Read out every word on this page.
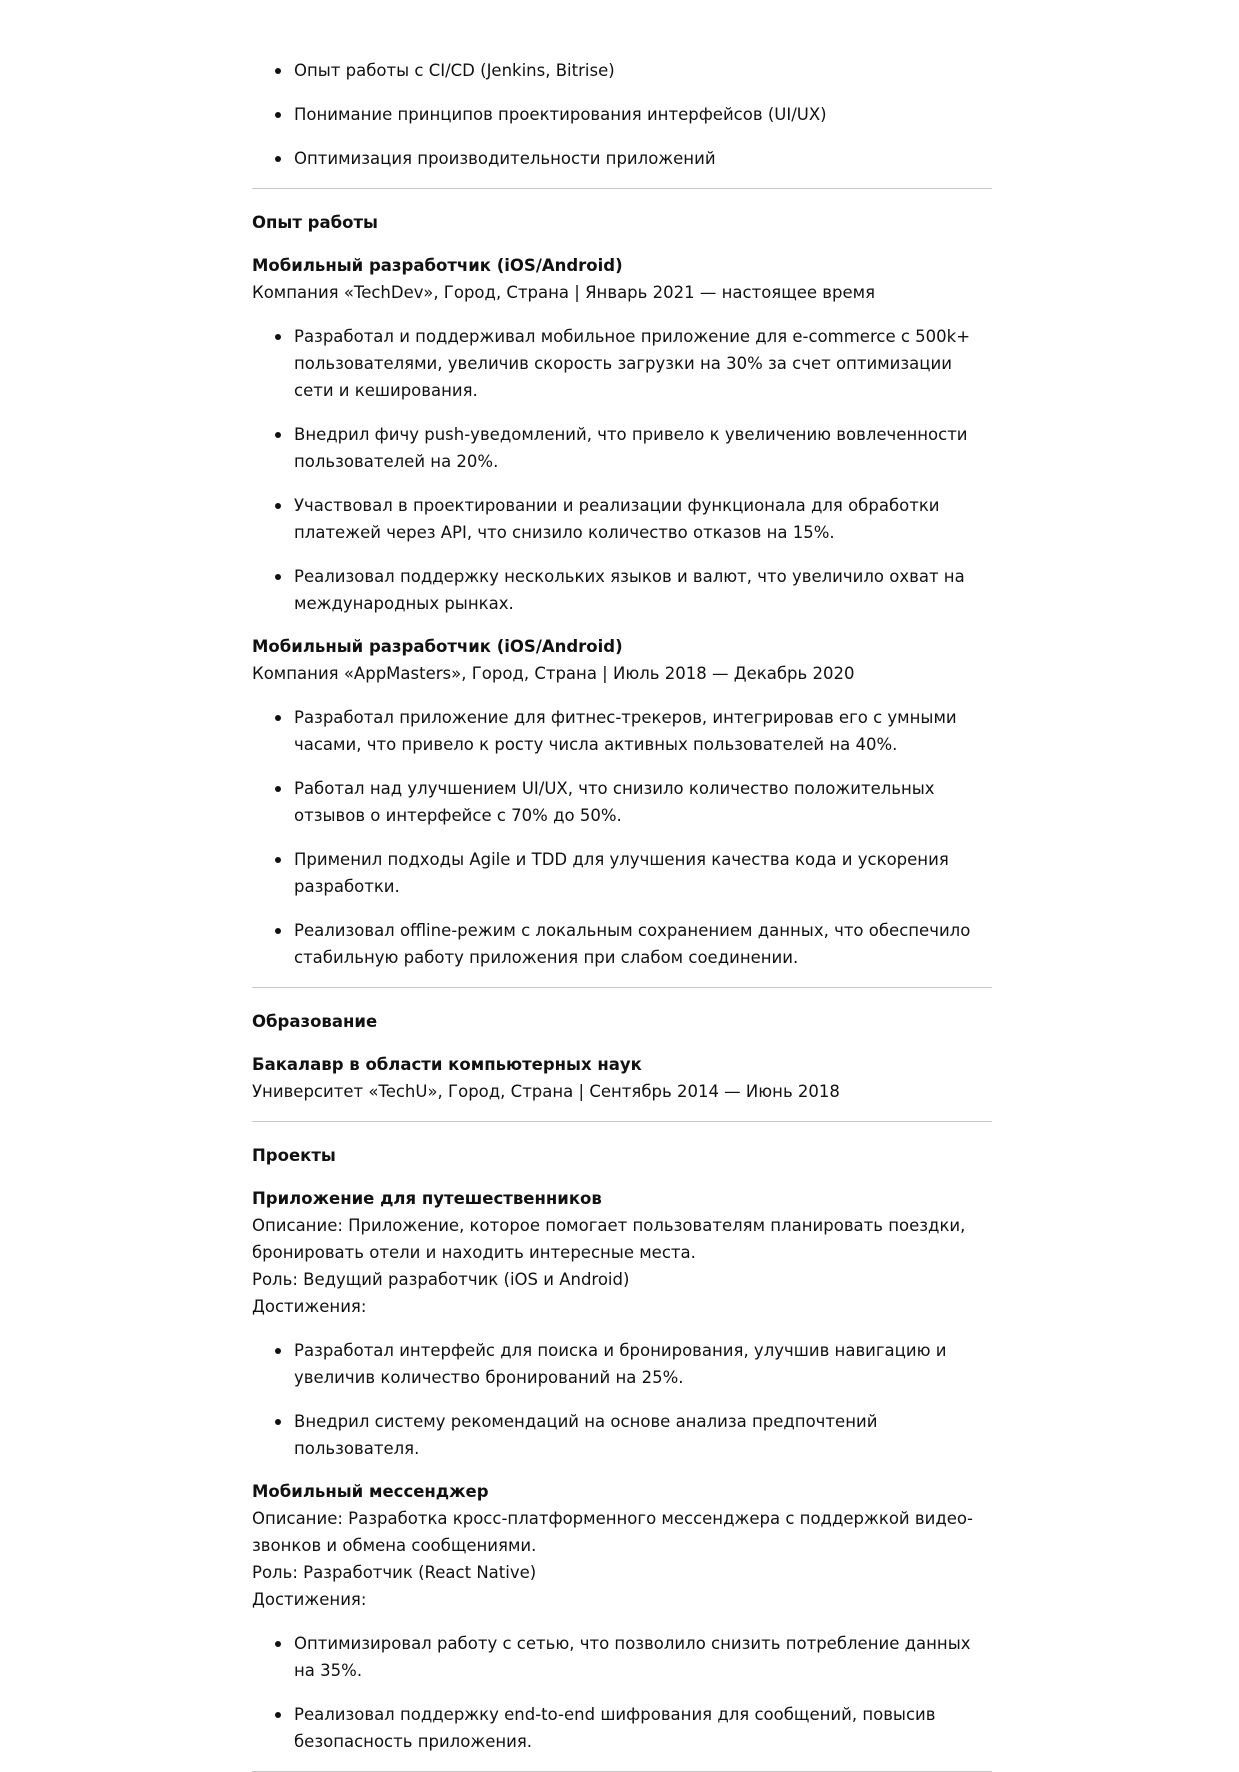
Опыт работы с CI/CD (Jenkins, Bitrise)
Понимание принципов проектирования интерфейсов (UI/UX)
Оптимизация производительности приложений
Опыт работы
Мобильный разработчик (iOS/Android)
Компания «TechDev», Город, Страна | Январь 2021 — настоящее время
Разработал и поддерживал мобильное приложение для e-commerce с 500k+ пользователями, увеличив скорость загрузки на 30% за счет оптимизации сети и кеширования.
Внедрил фичу push-уведомлений, что привело к увеличению вовлеченности пользователей на 20%.
Участвовал в проектировании и реализации функционала для обработки платежей через API, что снизило количество отказов на 15%.
Реализовал поддержку нескольких языков и валют, что увеличило охват на международных рынках.
Мобильный разработчик (iOS/Android)
Компания «AppMasters», Город, Страна | Июль 2018 — Декабрь 2020
Разработал приложение для фитнес-трекеров, интегрировав его с умными часами, что привело к росту числа активных пользователей на 40%.
Работал над улучшением UI/UX, что снизило количество положительных отзывов о интерфейсе с 70% до 50%.
Применил подходы Agile и TDD для улучшения качества кода и ускорения разработки.
Реализовал offline-режим с локальным сохранением данных, что обеспечило стабильную работу приложения при слабом соединении.
Образование
Бакалавр в области компьютерных наук
Университет «TechU», Город, Страна | Сентябрь 2014 — Июнь 2018
Проекты
Приложение для путешественников
Описание: Приложение, которое помогает пользователям планировать поездки, бронировать отели и находить интересные места.
Роль: Ведущий разработчик (iOS и Android)
Достижения:
Разработал интерфейс для поиска и бронирования, улучшив навигацию и увеличив количество бронирований на 25%.
Внедрил систему рекомендаций на основе анализа предпочтений пользователя.
Мобильный мессенджер
Описание: Разработка кросс-платформенного мессенджера с поддержкой видео-звонков и обмена сообщениями.
Роль: Разработчик (React Native)
Достижения:
Оптимизировал работу с сетью, что позволило снизить потребление данных на 35%.
Реализовал поддержку end-to-end шифрования для сообщений, повысив безопасность приложения.
